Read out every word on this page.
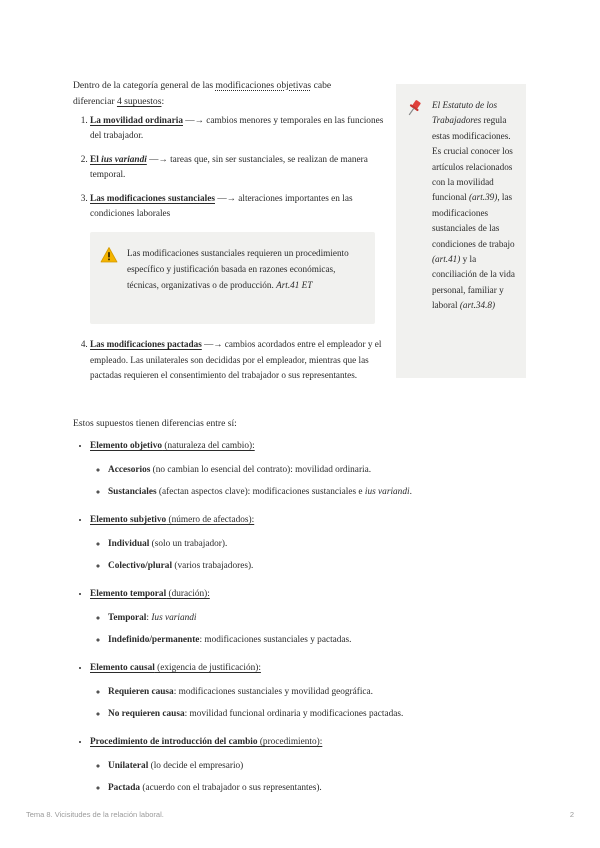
Dentro de la categoría general de las modificaciones objetivas cabe diferenciar 4 supuestos:
1. La movilidad ordinaria —→ cambios menores y temporales en las funciones del trabajador.
2. El ius variandi —→ tareas que, sin ser sustanciales, se realizan de manera temporal.
3. Las modificaciones sustanciales —→ alteraciones importantes en las condiciones laborales
Las modificaciones sustanciales requieren un procedimiento específico y justificación basada en razones económicas, técnicas, organizativas o de producción. Art.41 ET
4. Las modificaciones pactadas —→ cambios acordados entre el empleador y el empleado. Las unilaterales son decididas por el empleador, mientras que las pactadas requieren el consentimiento del trabajador o sus representantes.
El Estatuto de los Trabajadores regula estas modificaciones. Es crucial conocer los artículos relacionados con la movilidad funcional (art.39), las modificaciones sustanciales de las condiciones de trabajo (art.41) y la conciliación de la vida personal, familiar y laboral (art.34.8)
Estos supuestos tienen diferencias entre sí:
• Elemento objetivo (naturaleza del cambio):
◦ Accesorios (no cambian lo esencial del contrato): movilidad ordinaria.
◦ Sustanciales (afectan aspectos clave): modificaciones sustanciales e ius variandi.
• Elemento subjetivo (número de afectados):
◦ Individual (solo un trabajador).
◦ Colectivo/plural (varios trabajadores).
• Elemento temporal (duración):
◦ Temporal: Ius variandi
◦ Indefinido/permanente: modificaciones sustanciales y pactadas.
• Elemento causal (exigencia de justificación):
◦ Requieren causa: modificaciones sustanciales y movilidad geográfica.
◦ No requieren causa: movilidad funcional ordinaria y modificaciones pactadas.
• Procedimiento de introducción del cambio (procedimiento):
◦ Unilateral (lo decide el empresario)
◦ Pactada (acuerdo con el trabajador o sus representantes).
Tema 8. Vicisitudes de la relación laboral.	2
